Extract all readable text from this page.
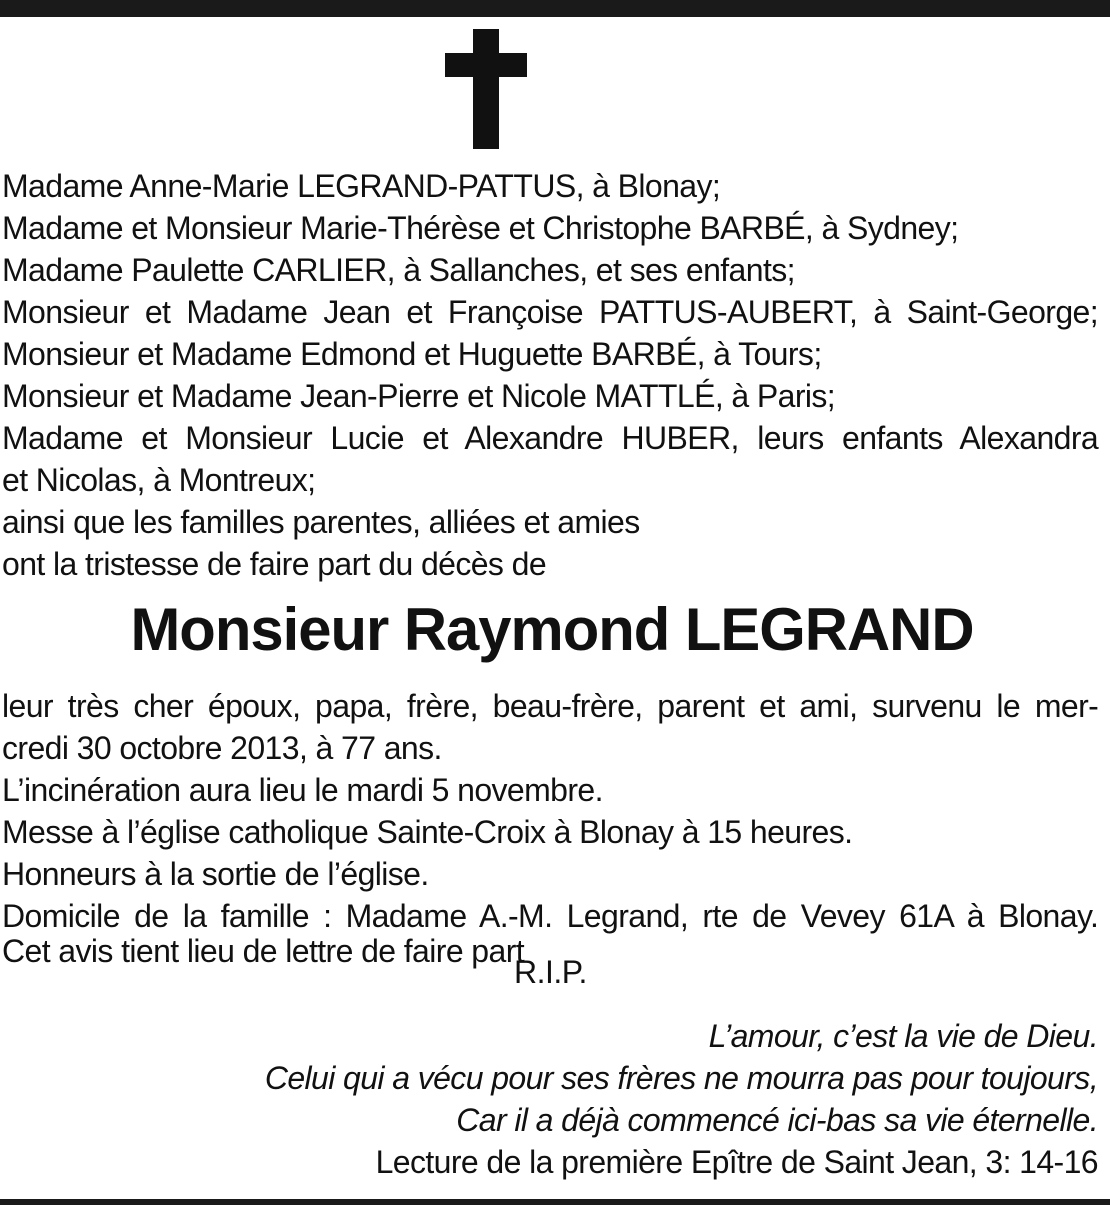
Madame Anne-Marie LEGRAND-PATTUS, à Blonay;
Madame et Monsieur Marie-Thérèse et Christophe BARBÉ, à Sydney;
Madame Paulette CARLIER, à Sallanches, et ses enfants;
Monsieur et Madame Jean et Françoise PATTUS-AUBERT, à Saint-George;
Monsieur et Madame Edmond et Huguette BARBÉ, à Tours;
Monsieur et Madame Jean-Pierre et Nicole MATTLÉ, à Paris;
Madame et Monsieur Lucie et Alexandre HUBER, leurs enfants Alexandra
et Nicolas, à Montreux;
ainsi que les familles parentes, alliées et amies
ont la tristesse de faire part du décès de
Monsieur Raymond LEGRAND
leur très cher époux, papa, frère, beau-frère, parent et ami, survenu le mer-
credi 30 octobre 2013, à 77 ans.
L’incinération aura lieu le mardi 5 novembre.
Messe à l’église catholique Sainte-Croix à Blonay à 15 heures.
Honneurs à la sortie de l’église.
Domicile de la famille : Madame A.-M. Legrand, rte de Vevey 61A à Blonay.
Cet avis tient lieu de lettre de faire part
R.I.P.
L’amour, c’est la vie de Dieu.
Celui qui a vécu pour ses frères ne mourra pas pour toujours,
Car il a déjà commencé ici-bas sa vie éternelle.
Lecture de la première Epître de Saint Jean, 3: 14-16
